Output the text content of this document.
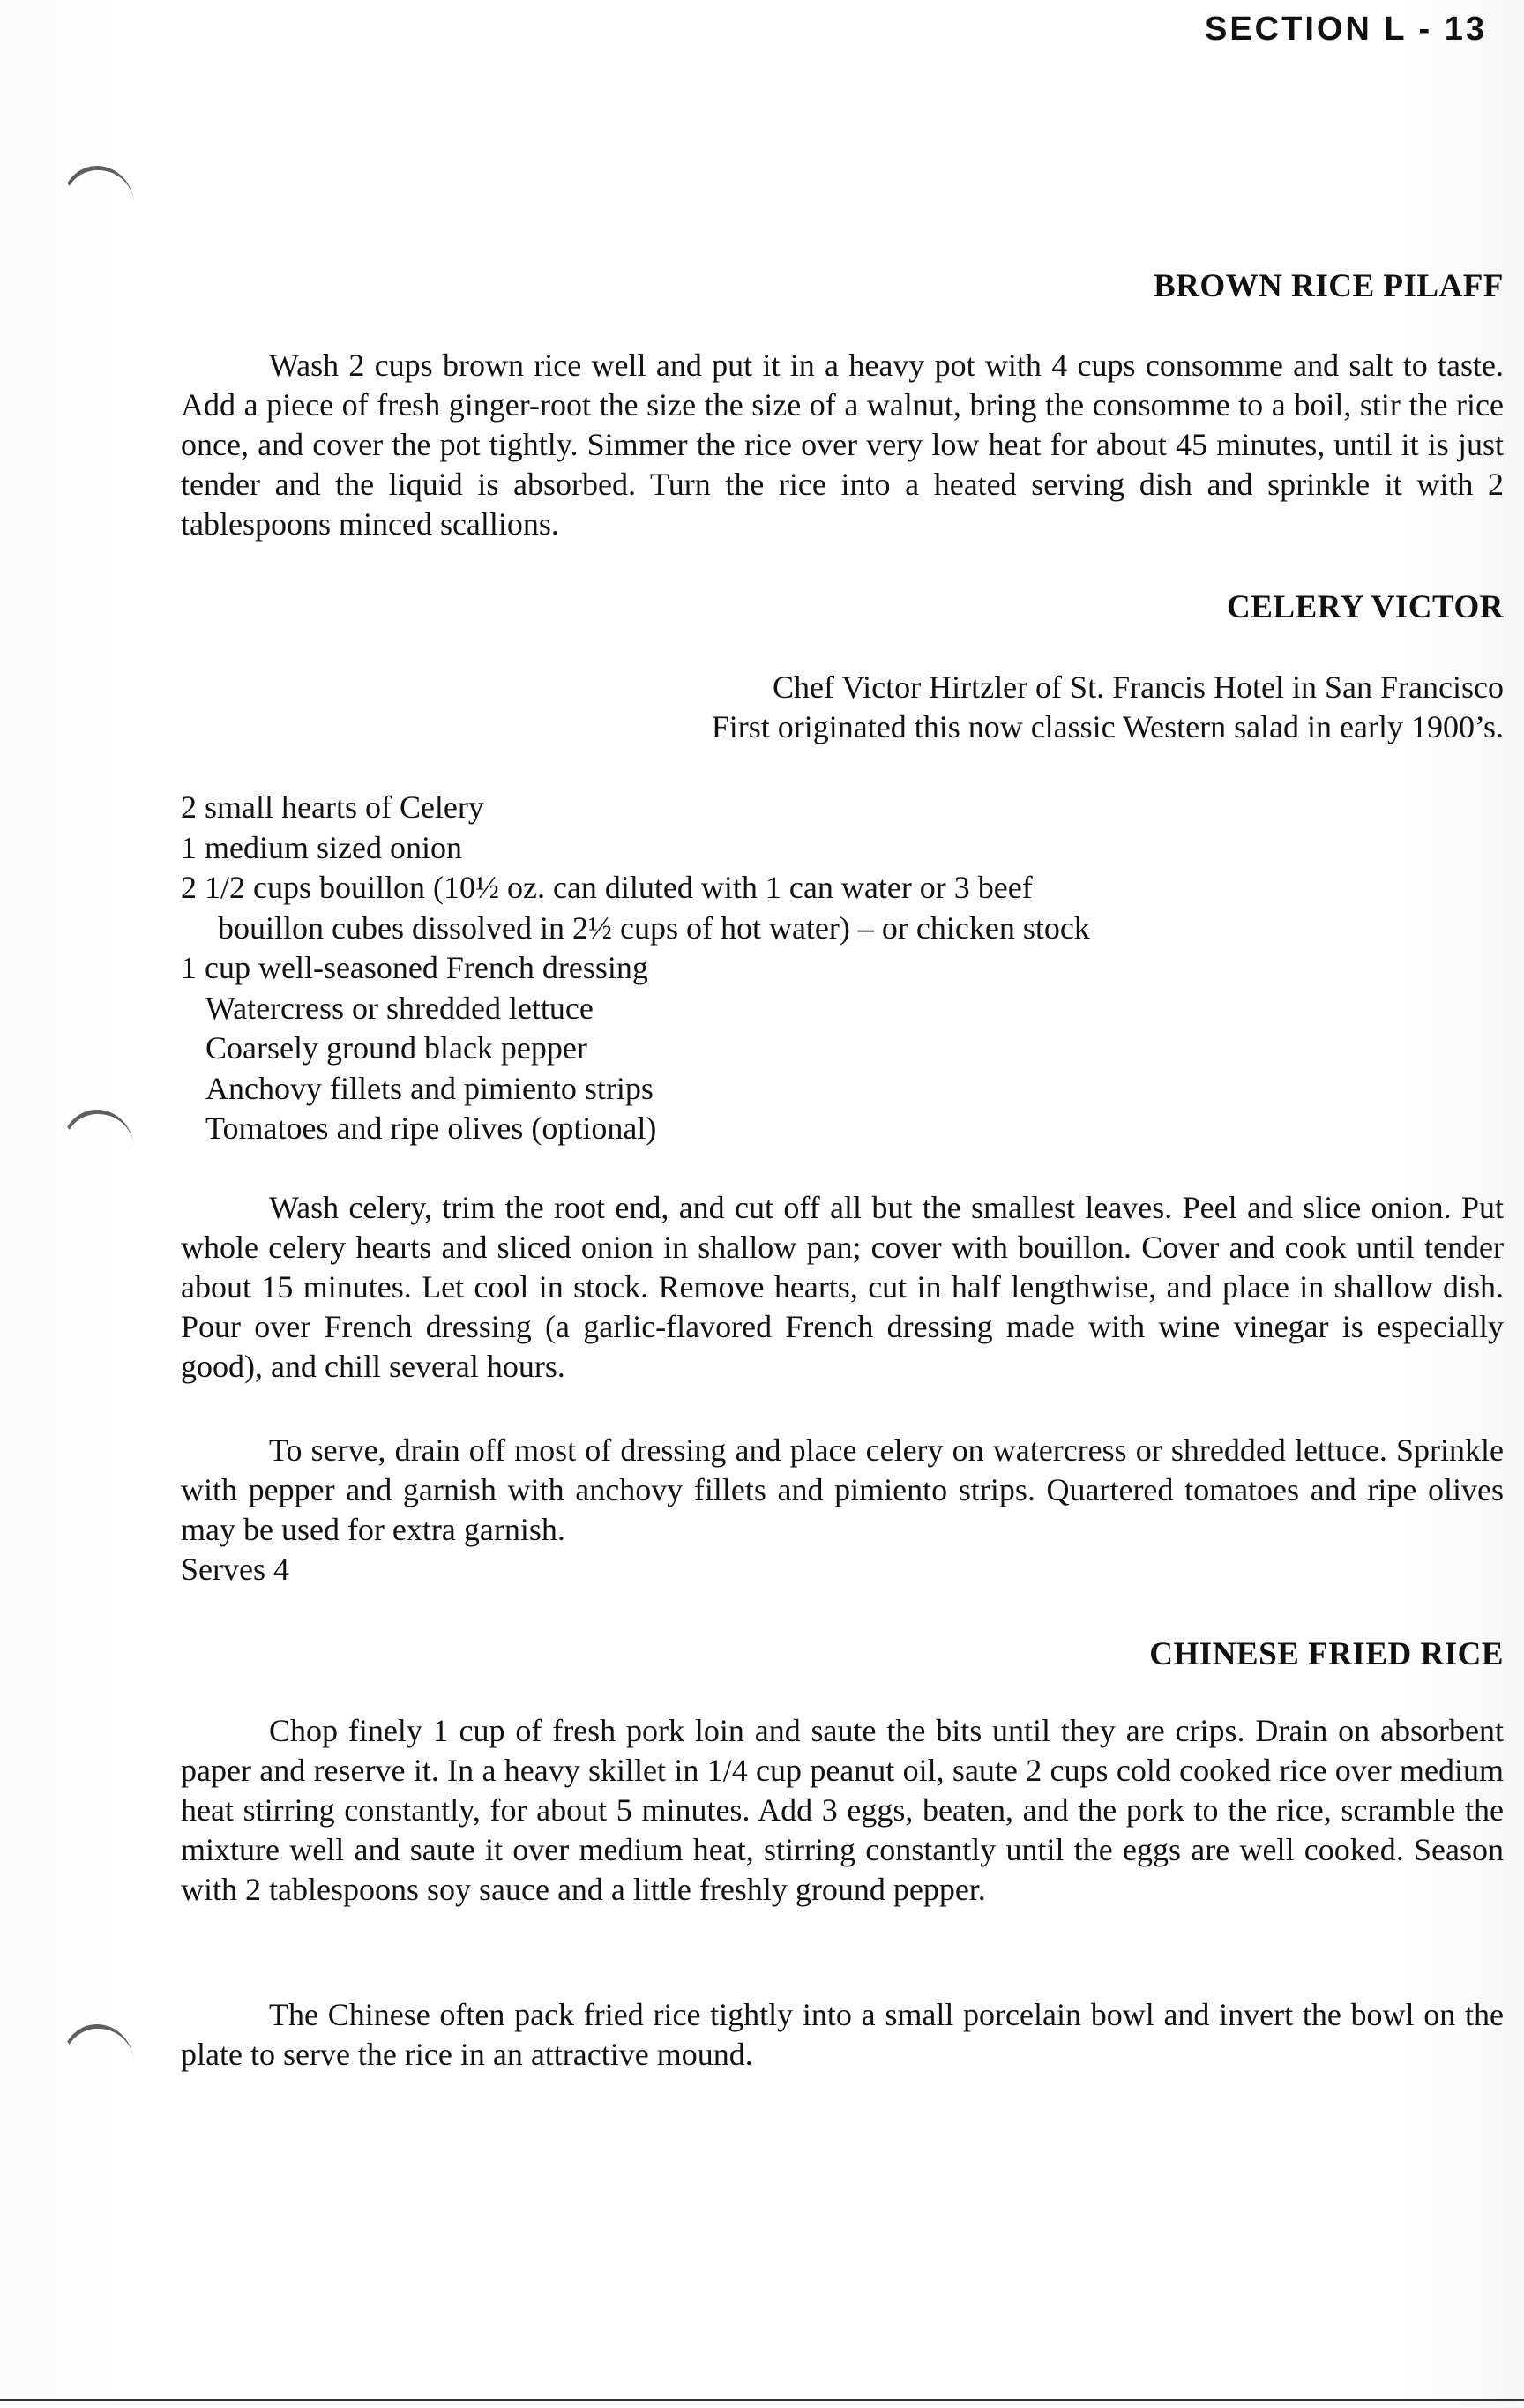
SECTION L - 13
BROWN RICE PILAFF
Wash 2 cups brown rice well and put it in a heavy pot with 4 cups consomme and salt to taste. Add a piece of fresh ginger-root the size the size of a walnut, bring the consomme to a boil, stir the rice once, and cover the pot tightly. Simmer the rice over very low heat for about 45 minutes, until it is just tender and the liquid is absorbed. Turn the rice into a heated serving dish and sprinkle it with 2 tablespoons minced scallions.
CELERY VICTOR
Chef Victor Hirtzler of St. Francis Hotel in San Francisco
First originated this now classic Western salad in early 1900’s.
2 small hearts of Celery
1 medium sized onion
2 1/2 cups bouillon (10½ oz. can diluted with 1 can water or 3 beef
bouillon cubes dissolved in 2½ cups of hot water) – or chicken stock
1 cup well-seasoned French dressing
Watercress or shredded lettuce
Coarsely ground black pepper
Anchovy fillets and pimiento strips
Tomatoes and ripe olives (optional)
Wash celery, trim the root end, and cut off all but the smallest leaves. Peel and slice onion. Put whole celery hearts and sliced onion in shallow pan; cover with bouillon. Cover and cook until tender about 15 minutes. Let cool in stock. Remove hearts, cut in half lengthwise, and place in shallow dish. Pour over French dressing (a garlic-flavored French dressing made with wine vinegar is especially good), and chill several hours.
To serve, drain off most of dressing and place celery on watercress or shredded lettuce. Sprinkle with pepper and garnish with anchovy fillets and pimiento strips. Quartered tomatoes and ripe olives may be used for extra garnish.
Serves 4
CHINESE FRIED RICE
Chop finely 1 cup of fresh pork loin and saute the bits until they are crips. Drain on absorbent paper and reserve it. In a heavy skillet in 1/4 cup peanut oil, saute 2 cups cold cooked rice over medium heat stirring constantly, for about 5 minutes. Add 3 eggs, beaten, and the pork to the rice, scramble the mixture well and saute it over medium heat, stirring constantly until the eggs are well cooked. Season with 2 tablespoons soy sauce and a little freshly ground pepper.
The Chinese often pack fried rice tightly into a small porcelain bowl and invert the bowl on the plate to serve the rice in an attractive mound.
